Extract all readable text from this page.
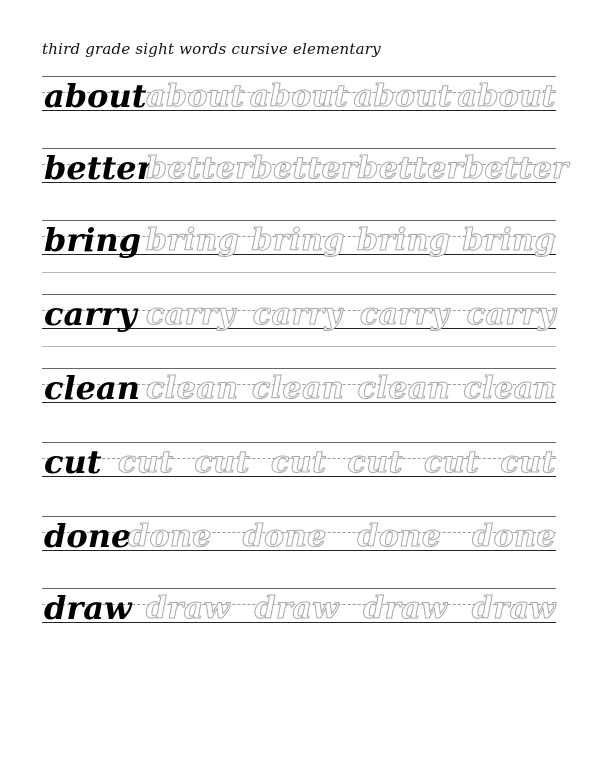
third grade sight words cursive elementary
about about about about about
better
better better better better
bring bring bring bring bring
carry carry carry carry carry
clean clean clean clean clean
cut cut cut cut cut cut cut
done
done done done done
draw draw draw draw draw
